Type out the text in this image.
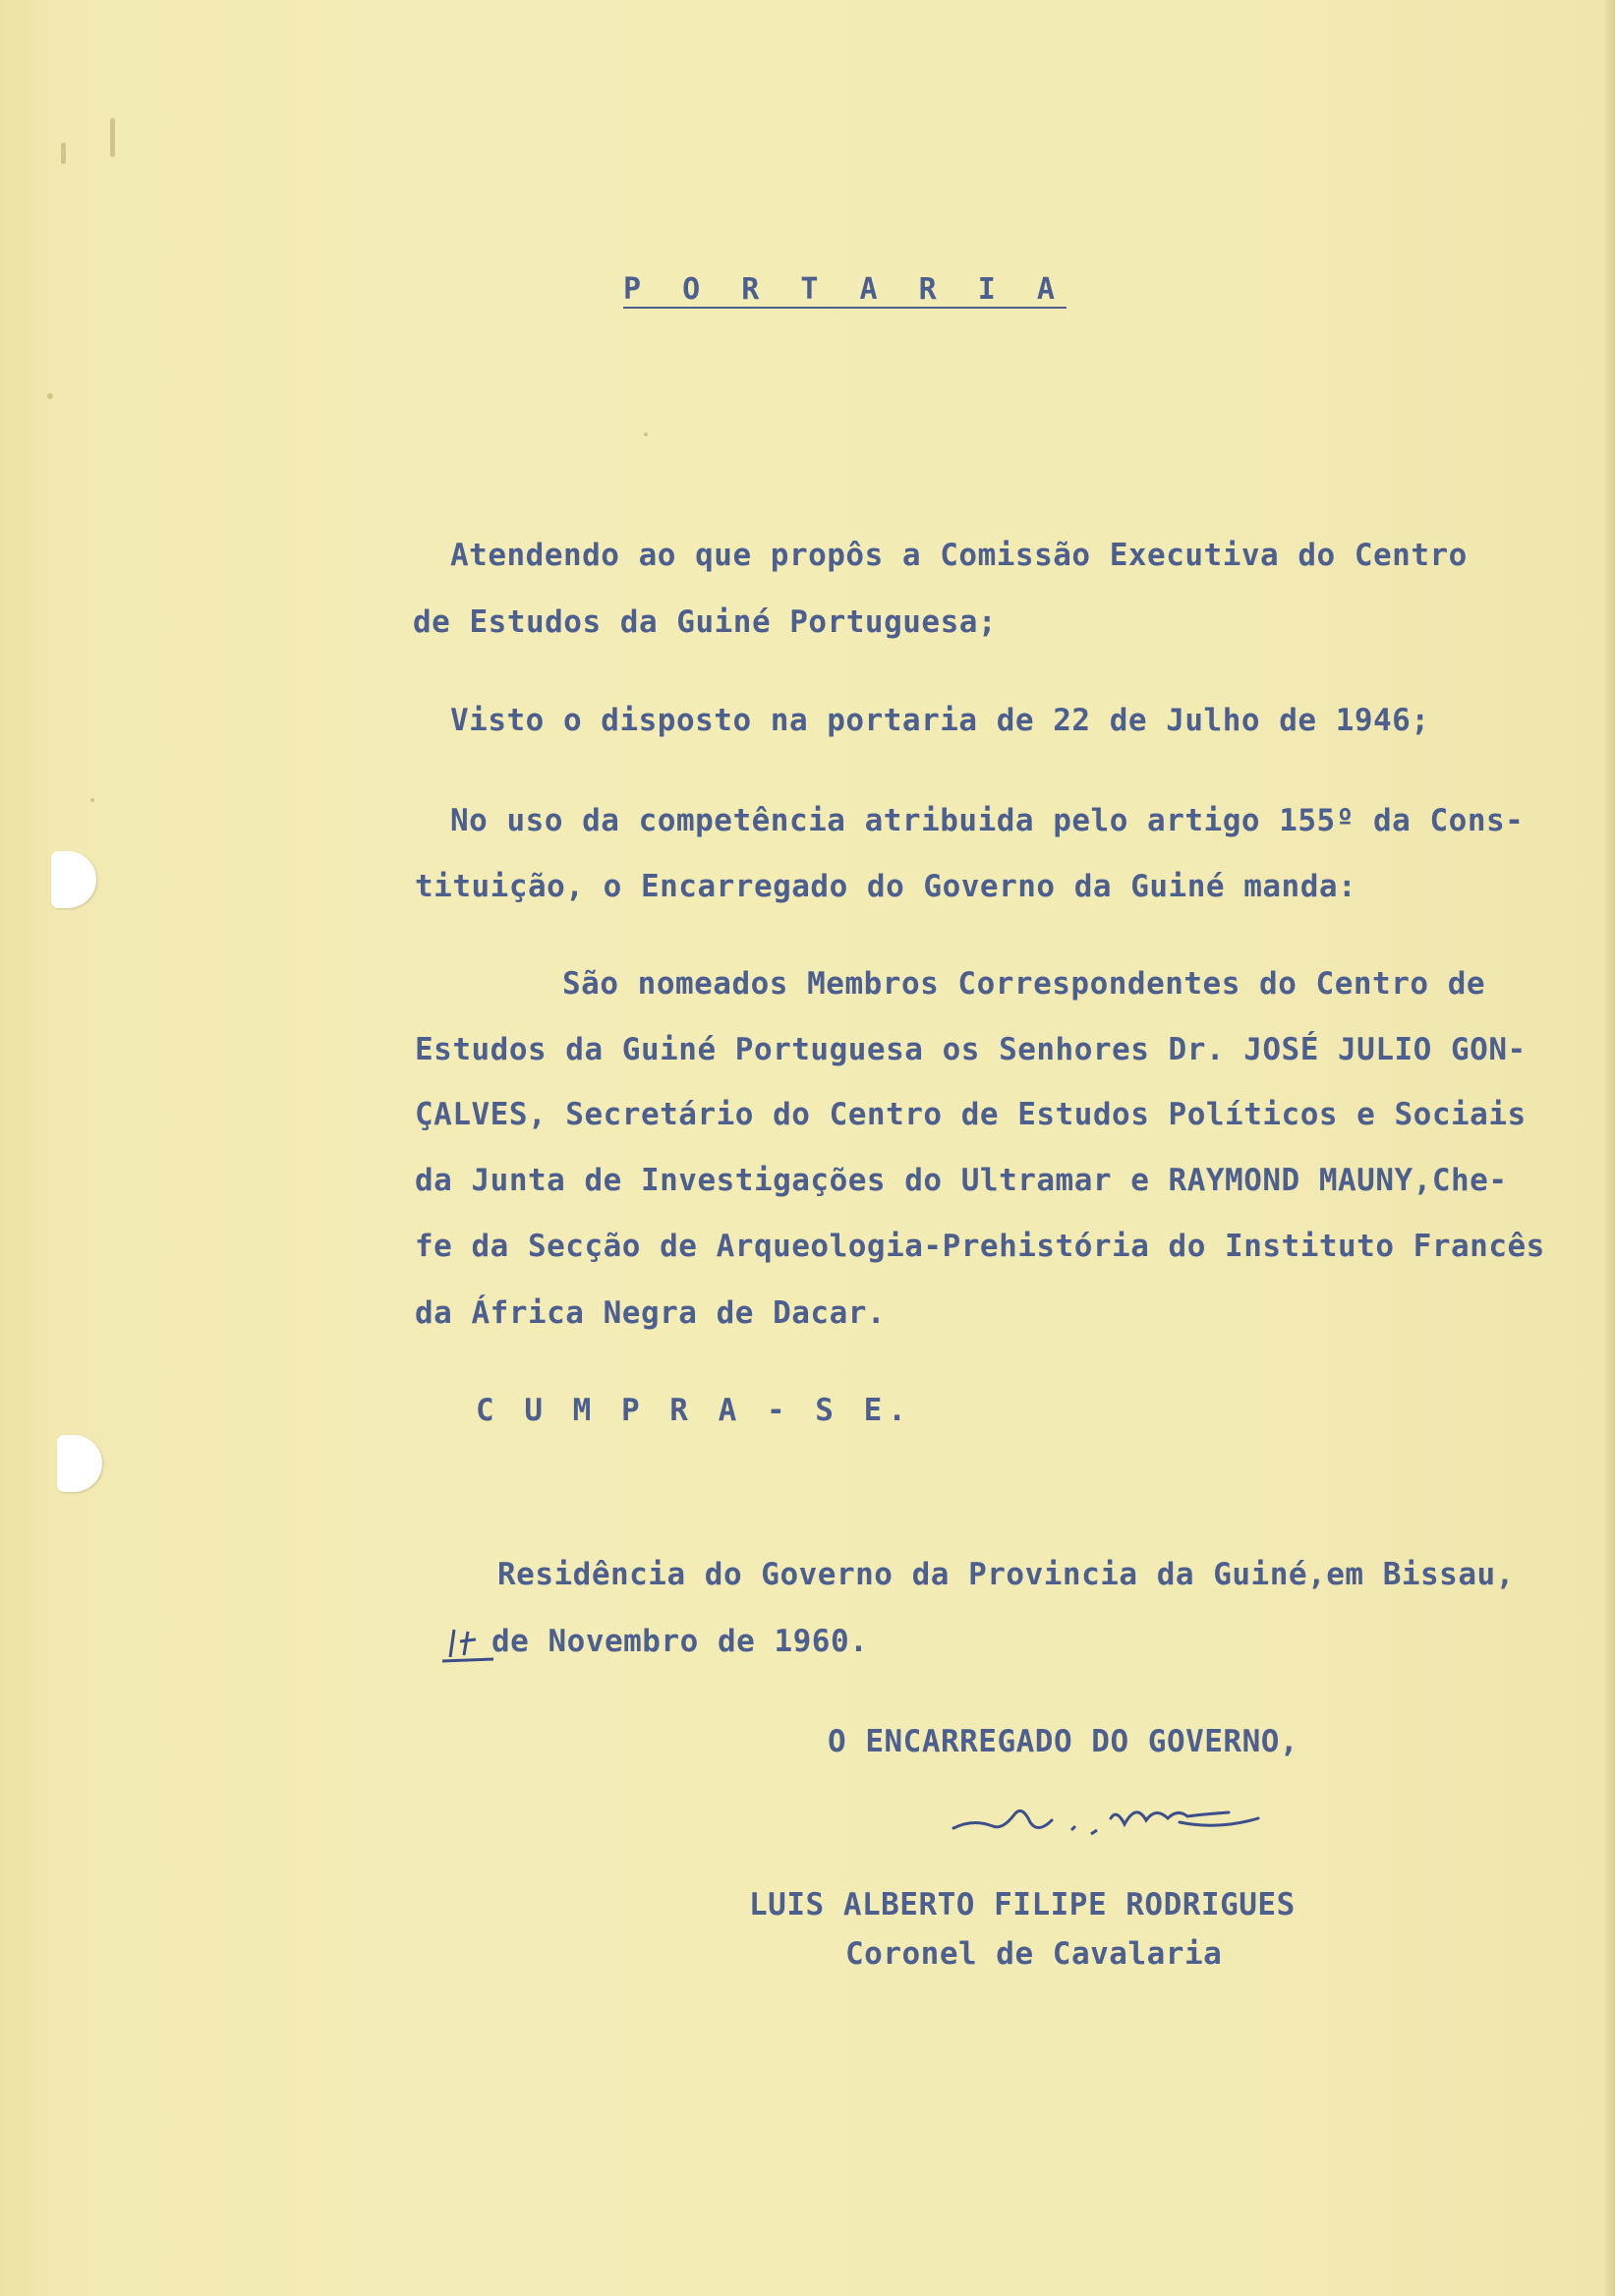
P O R T A R I A
Atendendo ao que propôs a Comissão Executiva do Centro
de Estudos da Guiné Portuguesa;
Visto o disposto na portaria de 22 de Julho de 1946;
No uso da competência atribuida pelo artigo 155º da Cons-
tituição, o Encarregado do Governo da Guiné manda:
São nomeados Membros Correspondentes do Centro de
Estudos da Guiné Portuguesa os Senhores Dr. JOSÉ JULIO GON-
ÇALVES, Secretário do Centro de Estudos Políticos e Sociais
da Junta de Investigações do Ultramar e RAYMOND MAUNY,Che-
fe da Secção de Arqueologia-Prehistória do Instituto Francês
da África Negra de Dacar.
C U M P R A - S E.
Residência do Governo da Provincia da Guiné,em Bissau,
de Novembro de 1960.
O ENCARREGADO DO GOVERNO,
LUIS ALBERTO FILIPE RODRIGUES
Coronel de Cavalaria
